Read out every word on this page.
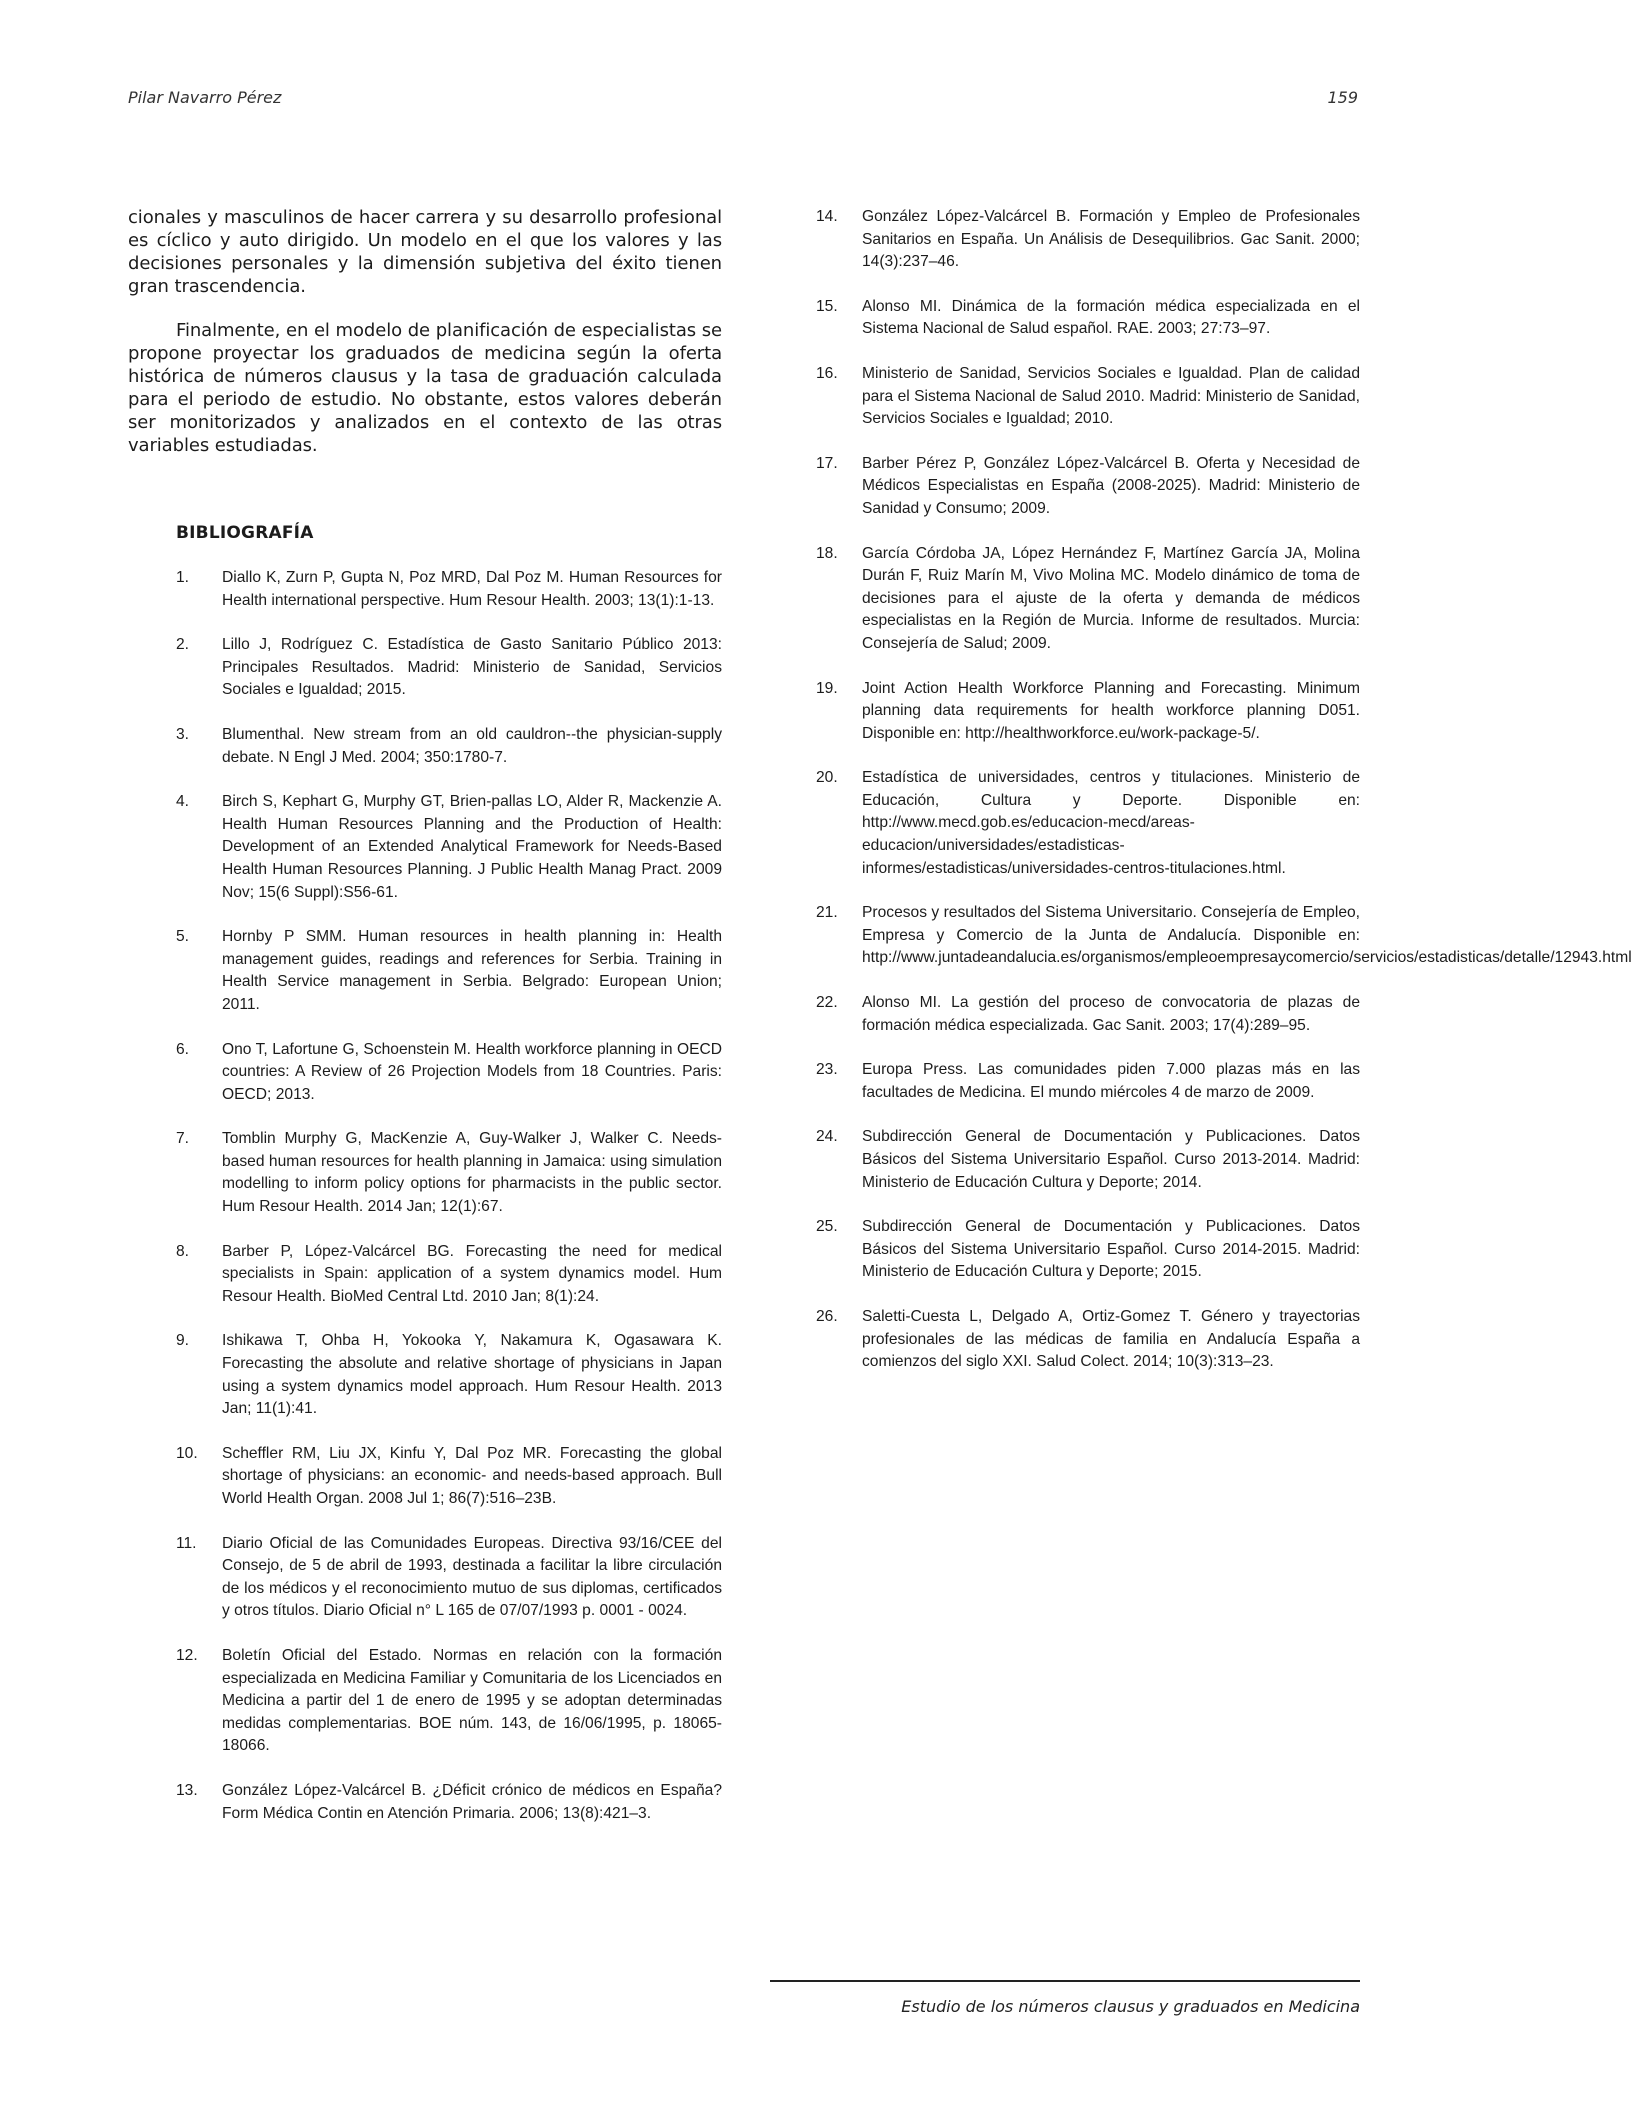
Pilar Navarro Pérez	159

cionales y masculinos de hacer carrera y su desarrollo profesional es cíclico y auto dirigido. Un modelo en el que los valores y las decisiones personales y la dimensión subjetiva del éxito tienen gran trascendencia.

Finalmente, en el modelo de planificación de especialistas se propone proyectar los graduados de medicina según la oferta histórica de números clausus y la tasa de graduación calculada para el periodo de estudio. No obstante, estos valores deberán ser monitorizados y analizados en el contexto de las otras variables estudiadas.

BIBLIOGRAFÍA
1. Diallo K, Zurn P, Gupta N, Poz MRD, Dal Poz M. Human Resources for Health international perspective. Hum Resour Health. 2003; 13(1):1-13.
2. Lillo J, Rodríguez C. Estadística de Gasto Sanitario Público 2013: Principales Resultados. Madrid: Ministerio de Sanidad, Servicios Sociales e Igualdad; 2015.
3. Blumenthal. New stream from an old cauldron--the physician-supply debate. N Engl J Med. 2004; 350:1780-7.
4. Birch S, Kephart G, Murphy GT, Brien-pallas LO, Alder R, Mackenzie A. Health Human Resources Planning and the Production of Health: Development of an Extended Analytical Framework for Needs-Based Health Human Resources Planning. J Public Health Manag Pract. 2009 Nov; 15(6 Suppl):S56-61.
5. Hornby P SMM. Human resources in health planning in: Health management guides, readings and references for Serbia. Training in Health Service management in Serbia. Belgrado: European Union; 2011.
6. Ono T, Lafortune G, Schoenstein M. Health workforce planning in OECD countries: A Review of 26 Projection Models from 18 Countries. Paris: OECD; 2013.
7. Tomblin Murphy G, MacKenzie A, Guy-Walker J, Walker C. Needs-based human resources for health planning in Jamaica: using simulation modelling to inform policy options for pharmacists in the public sector. Hum Resour Health. 2014 Jan; 12(1):67.
8. Barber P, López-Valcárcel BG. Forecasting the need for medical specialists in Spain: application of a system dynamics model. Hum Resour Health. BioMed Central Ltd. 2010 Jan; 8(1):24.
9. Ishikawa T, Ohba H, Yokooka Y, Nakamura K, Ogasawara K. Forecasting the absolute and relative shortage of physicians in Japan using a system dynamics model approach. Hum Resour Health. 2013 Jan; 11(1):41.
10. Scheffler RM, Liu JX, Kinfu Y, Dal Poz MR. Forecasting the global shortage of physicians: an economic- and needs-based approach. Bull World Health Organ. 2008 Jul 1; 86(7):516–23B.
11. Diario Oficial de las Comunidades Europeas. Directiva 93/16/CEE del Consejo, de 5 de abril de 1993, destinada a facilitar la libre circulación de los médicos y el reconocimiento mutuo de sus diplomas, certificados y otros títulos. Diario Oficial n° L 165 de 07/07/1993 p. 0001 - 0024.
12. Boletín Oficial del Estado. Normas en relación con la formación especializada en Medicina Familiar y Comunitaria de los Licenciados en Medicina a partir del 1 de enero de 1995 y se adoptan determinadas medidas complementarias. BOE núm. 143, de 16/06/1995, p. 18065-18066.
13. González López-Valcárcel B. ¿Déficit crónico de médicos en España? Form Médica Contin en Atención Primaria. 2006; 13(8):421–3.
14. González López-Valcárcel B. Formación y Empleo de Profesionales Sanitarios en España. Un Análisis de Desequilibrios. Gac Sanit. 2000; 14(3):237–46.
15. Alonso MI. Dinámica de la formación médica especializada en el Sistema Nacional de Salud español. RAE. 2003; 27:73–97.
16. Ministerio de Sanidad, Servicios Sociales e Igualdad. Plan de calidad para el Sistema Nacional de Salud 2010. Madrid: Ministerio de Sanidad, Servicios Sociales e Igualdad; 2010.
17. Barber Pérez P, González López-Valcárcel B. Oferta y Necesidad de Médicos Especialistas en España (2008-2025). Madrid: Ministerio de Sanidad y Consumo; 2009.
18. García Córdoba JA, López Hernández F, Martínez García JA, Molina Durán F, Ruiz Marín M, Vivo Molina MC. Modelo dinámico de toma de decisiones para el ajuste de la oferta y demanda de médicos especialistas en la Región de Murcia. Informe de resultados. Murcia: Consejería de Salud; 2009.
19. Joint Action Health Workforce Planning and Forecasting. Minimum planning data requirements for health workforce planning D051. Disponible en: http://healthworkforce.eu/work-package-5/.
20. Estadística de universidades, centros y titulaciones. Ministerio de Educación, Cultura y Deporte. Disponible en: http://www.mecd.gob.es/educacion-mecd/areas-educacion/universidades/estadisticas-informes/estadisticas/universidades-centros-titulaciones.html.
21. Procesos y resultados del Sistema Universitario. Consejería de Empleo, Empresa y Comercio de la Junta de Andalucía. Disponible en: http://www.juntadeandalucia.es/organismos/empleoempresaycomercio/servicios/estadisticas/detalle/12943.html
22. Alonso MI. La gestión del proceso de convocatoria de plazas de formación médica especializada. Gac Sanit. 2003; 17(4):289–95.
23. Europa Press. Las comunidades piden 7.000 plazas más en las facultades de Medicina. El mundo miércoles 4 de marzo de 2009.
24. Subdirección General de Documentación y Publicaciones. Datos Básicos del Sistema Universitario Español. Curso 2013-2014. Madrid: Ministerio de Educación Cultura y Deporte; 2014.
25. Subdirección General de Documentación y Publicaciones. Datos Básicos del Sistema Universitario Español. Curso 2014-2015. Madrid: Ministerio de Educación Cultura y Deporte; 2015.
26. Saletti-Cuesta L, Delgado A, Ortiz-Gomez T. Género y trayectorias profesionales de las médicas de familia en Andalucía España a comienzos del siglo XXI. Salud Colect. 2014; 10(3):313–23.
Estudio de los números clausus y graduados en Medicina
